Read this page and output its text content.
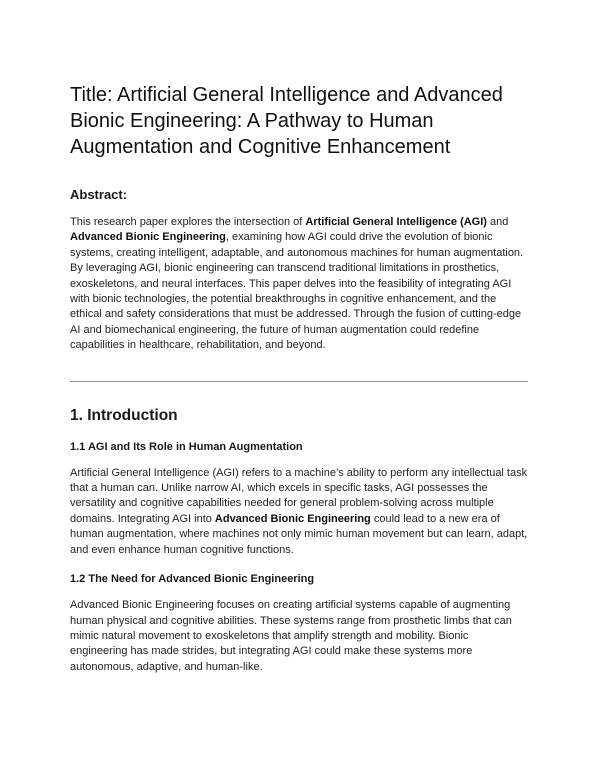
Title: Artificial General Intelligence and Advanced Bionic Engineering: A Pathway to Human Augmentation and Cognitive Enhancement
Abstract:

This research paper explores the intersection of Artificial General Intelligence (AGI) and Advanced Bionic Engineering, examining how AGI could drive the evolution of bionic systems, creating intelligent, adaptable, and autonomous machines for human augmentation. By leveraging AGI, bionic engineering can transcend traditional limitations in prosthetics, exoskeletons, and neural interfaces. This paper delves into the feasibility of integrating AGI with bionic technologies, the potential breakthroughs in cognitive enhancement, and the ethical and safety considerations that must be addressed. Through the fusion of cutting-edge AI and biomechanical engineering, the future of human augmentation could redefine capabilities in healthcare, rehabilitation, and beyond.

1. Introduction
1.1 AGI and Its Role in Human Augmentation

Artificial General Intelligence (AGI) refers to a machine’s ability to perform any intellectual task that a human can. Unlike narrow AI, which excels in specific tasks, AGI possesses the versatility and cognitive capabilities needed for general problem-solving across multiple domains. Integrating AGI into Advanced Bionic Engineering could lead to a new era of human augmentation, where machines not only mimic human movement but can learn, adapt, and even enhance human cognitive functions.

1.2 The Need for Advanced Bionic Engineering

Advanced Bionic Engineering focuses on creating artificial systems capable of augmenting human physical and cognitive abilities. These systems range from prosthetic limbs that can mimic natural movement to exoskeletons that amplify strength and mobility. Bionic engineering has made strides, but integrating AGI could make these systems more autonomous, adaptive, and human-like.
